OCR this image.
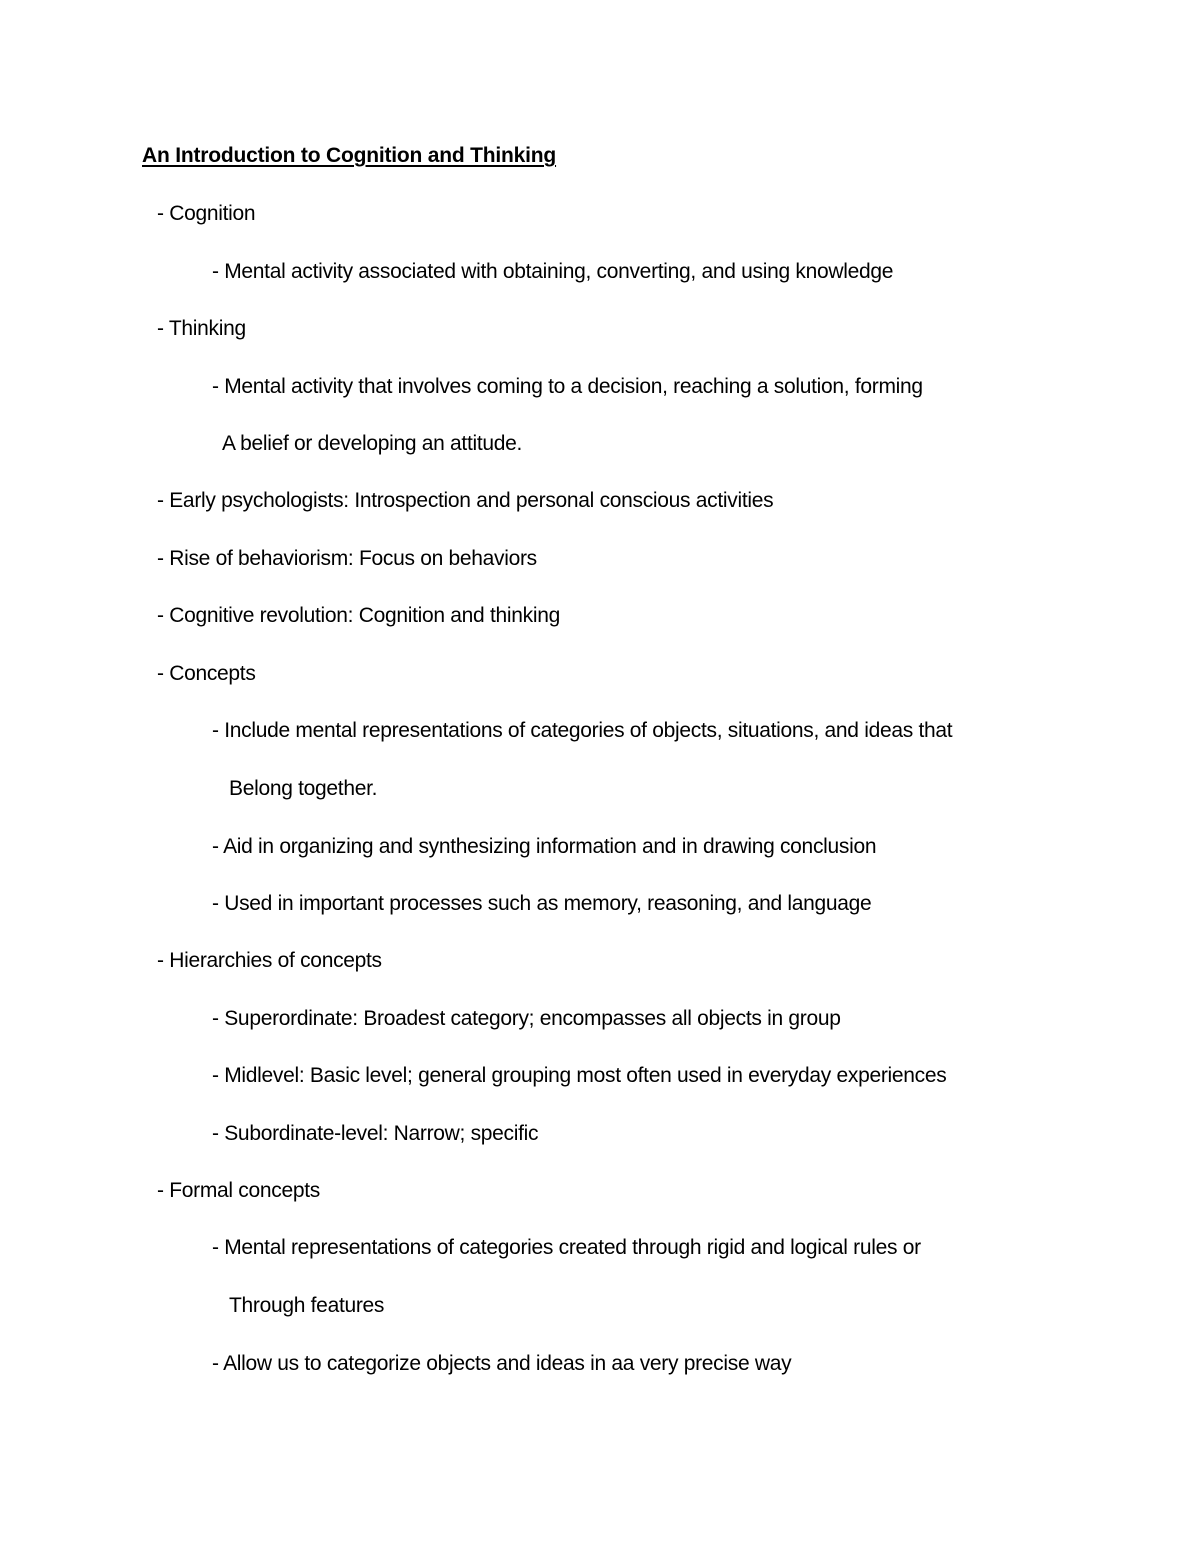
An Introduction to Cognition and Thinking
- Cognition
- Mental activity associated with obtaining, converting, and using knowledge
- Thinking
- Mental activity that involves coming to a decision, reaching a solution, forming
A belief or developing an attitude.
- Early psychologists: Introspection and personal conscious activities
- Rise of behaviorism: Focus on behaviors
- Cognitive revolution: Cognition and thinking
- Concepts
- Include mental representations of categories of objects, situations, and ideas that
Belong together.
- Aid in organizing and synthesizing information and in drawing conclusion
- Used in important processes such as memory, reasoning, and language
- Hierarchies of concepts
- Superordinate: Broadest category; encompasses all objects in group
- Midlevel: Basic level; general grouping most often used in everyday experiences
- Subordinate-level: Narrow; specific
- Formal concepts
- Mental representations of categories created through rigid and logical rules or
Through features
- Allow us to categorize objects and ideas in aa very precise way
